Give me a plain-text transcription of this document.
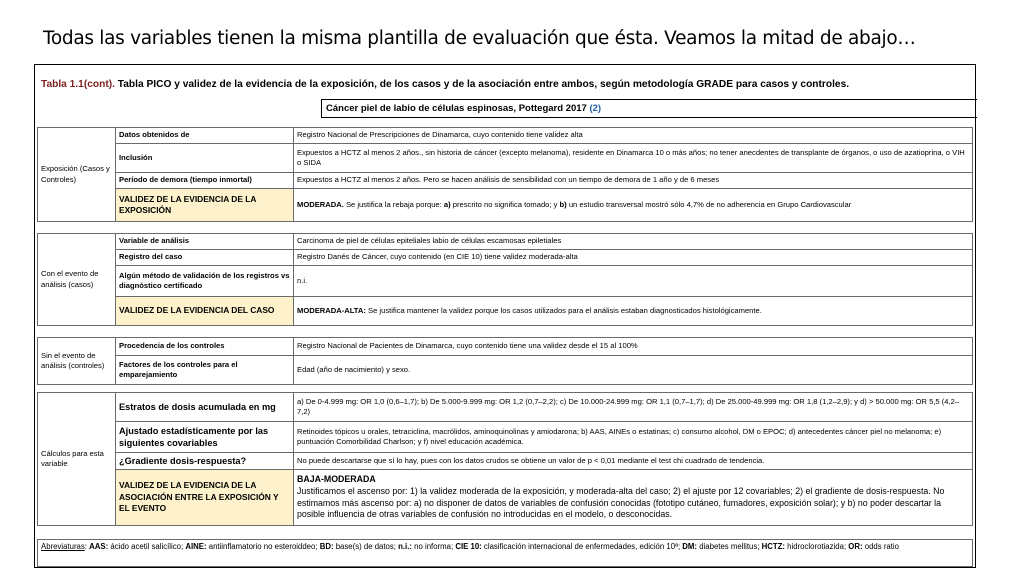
Todas las variables tienen la misma plantilla de evaluación que ésta. Veamos la mitad de abajo…
Tabla 1.1(cont). Tabla PICO y validez de la evidencia de la exposición, de los casos y de la asociación entre ambos, según metodología GRADE para casos y controles.
Cáncer piel de labio de células espinosas, Pottegard 2017 (2)
Exposición (Casos y Controles)	Datos obtenidos de	Registro Nacional de Prescripciones de Dinamarca, cuyo contenido tiene validez alta
	Inclusión	Expuestos a HCTZ al menos 2 años., sin historia de cáncer (excepto melanoma), residente en Dinamarca 10 o más años; no tener anecdentes de transplante de órganos, o uso de azatioprina, o VIH o SIDA
	Período de demora (tiempo inmortal)	Expuestos a HCTZ al menos 2 años. Pero se hacen análisis de sensibilidad con un tiempo de demora de 1 año y de 6 meses
	VALIDEZ DE LA EVIDENCIA DE LA EXPOSICIÓN	MODERADA. Se justifica la rebaja porque: a) prescrito no significa tomado; y b) un estudio transversal mostró sólo 4,7% de no adherencia en Grupo Cardiovascular
Con el evento de análisis (casos)	Variable de análisis	Carcinoma de piel de células epiteliales labio de células escamosas epiletiales
	Registro del caso	Registro Danés de Cáncer, cuyo contenido (en CIE 10) tiene validez moderada-alta
	Algún método de validación de los registros vs diagnóstico certificado	n.i.
	VALIDEZ DE LA EVIDENCIA DEL CASO	MODERADA-ALTA: Se justifica mantener la validez porque los casos utilizados para el análisis estaban diagnosticados histológicamente.
Sin el evento de análisis (controles)	Procedencia de los controles	Registro Nacional de Pacientes de Dinamarca, cuyo contenido tiene una validez desde el 15 al 100%
	Factores de los controles para el emparejamiento	Edad (año de nacimiento) y sexo.
Cálculos para esta variable	Estratos de dosis acumulada en mg	a) De 0-4.999 mg: OR 1,0 (0,6–1,7); b) De 5.000-9.999 mg: OR 1,2 (0,7–2,2); c) De 10.000-24.999 mg: OR 1,1 (0,7–1,7); d) De 25.000-49.999 mg: OR 1,8 (1,2–2,9); y d) > 50.000 mg: OR 5,5 (4,2–7,2)
	Ajustado estadísticamente por las siguientes covariables	Retinoides tópicos u orales, tetraciclina, macrólidos, aminoquinolinas y amiodarona; b) AAS, AINEs o estatinas; c) consumo alcohol, DM o EPOC; d) antecedentes cáncer piel no melanoma; e) puntuación Comorbilidad Charlson; y f) nivel educación académica.
	¿Gradiente dosis-respuesta?	No puede descartarse que sí lo hay, pues con los datos crudos se obtiene un valor de p < 0,01 mediante el test chi cuadrado de tendencia.
	VALIDEZ DE LA EVIDENCIA DE LA ASOCIACIÓN ENTRE LA EXPOSICIÓN Y EL EVENTO	BAJA-MODERADA
Justificamos el ascenso por: 1) la validez moderada de la exposición, y moderada-alta del caso; 2) el ajuste por 12 covariables; 2) el gradiente de dosis-respuesta. No estimamos más ascenso por: a) no disponer de datos de variables de confusión conocidas (fototipo cutáneo, fumadores, exposición solar); y b) no poder descartar la posible influencia de otras variables de confusión no introducidas en el modelo, o desconocidas.
Abreviaturas: AAS: ácido acetil salicílico; AINE: antiinflamatorio no esteroiddeo; BD: base(s) de datos; n.i.: no informa; CIE 10: clasificación internacional de enfermedades, edición 10ª; DM: diabetes mellitus; HCTZ: hidroclorotiazida; OR: odds ratio
